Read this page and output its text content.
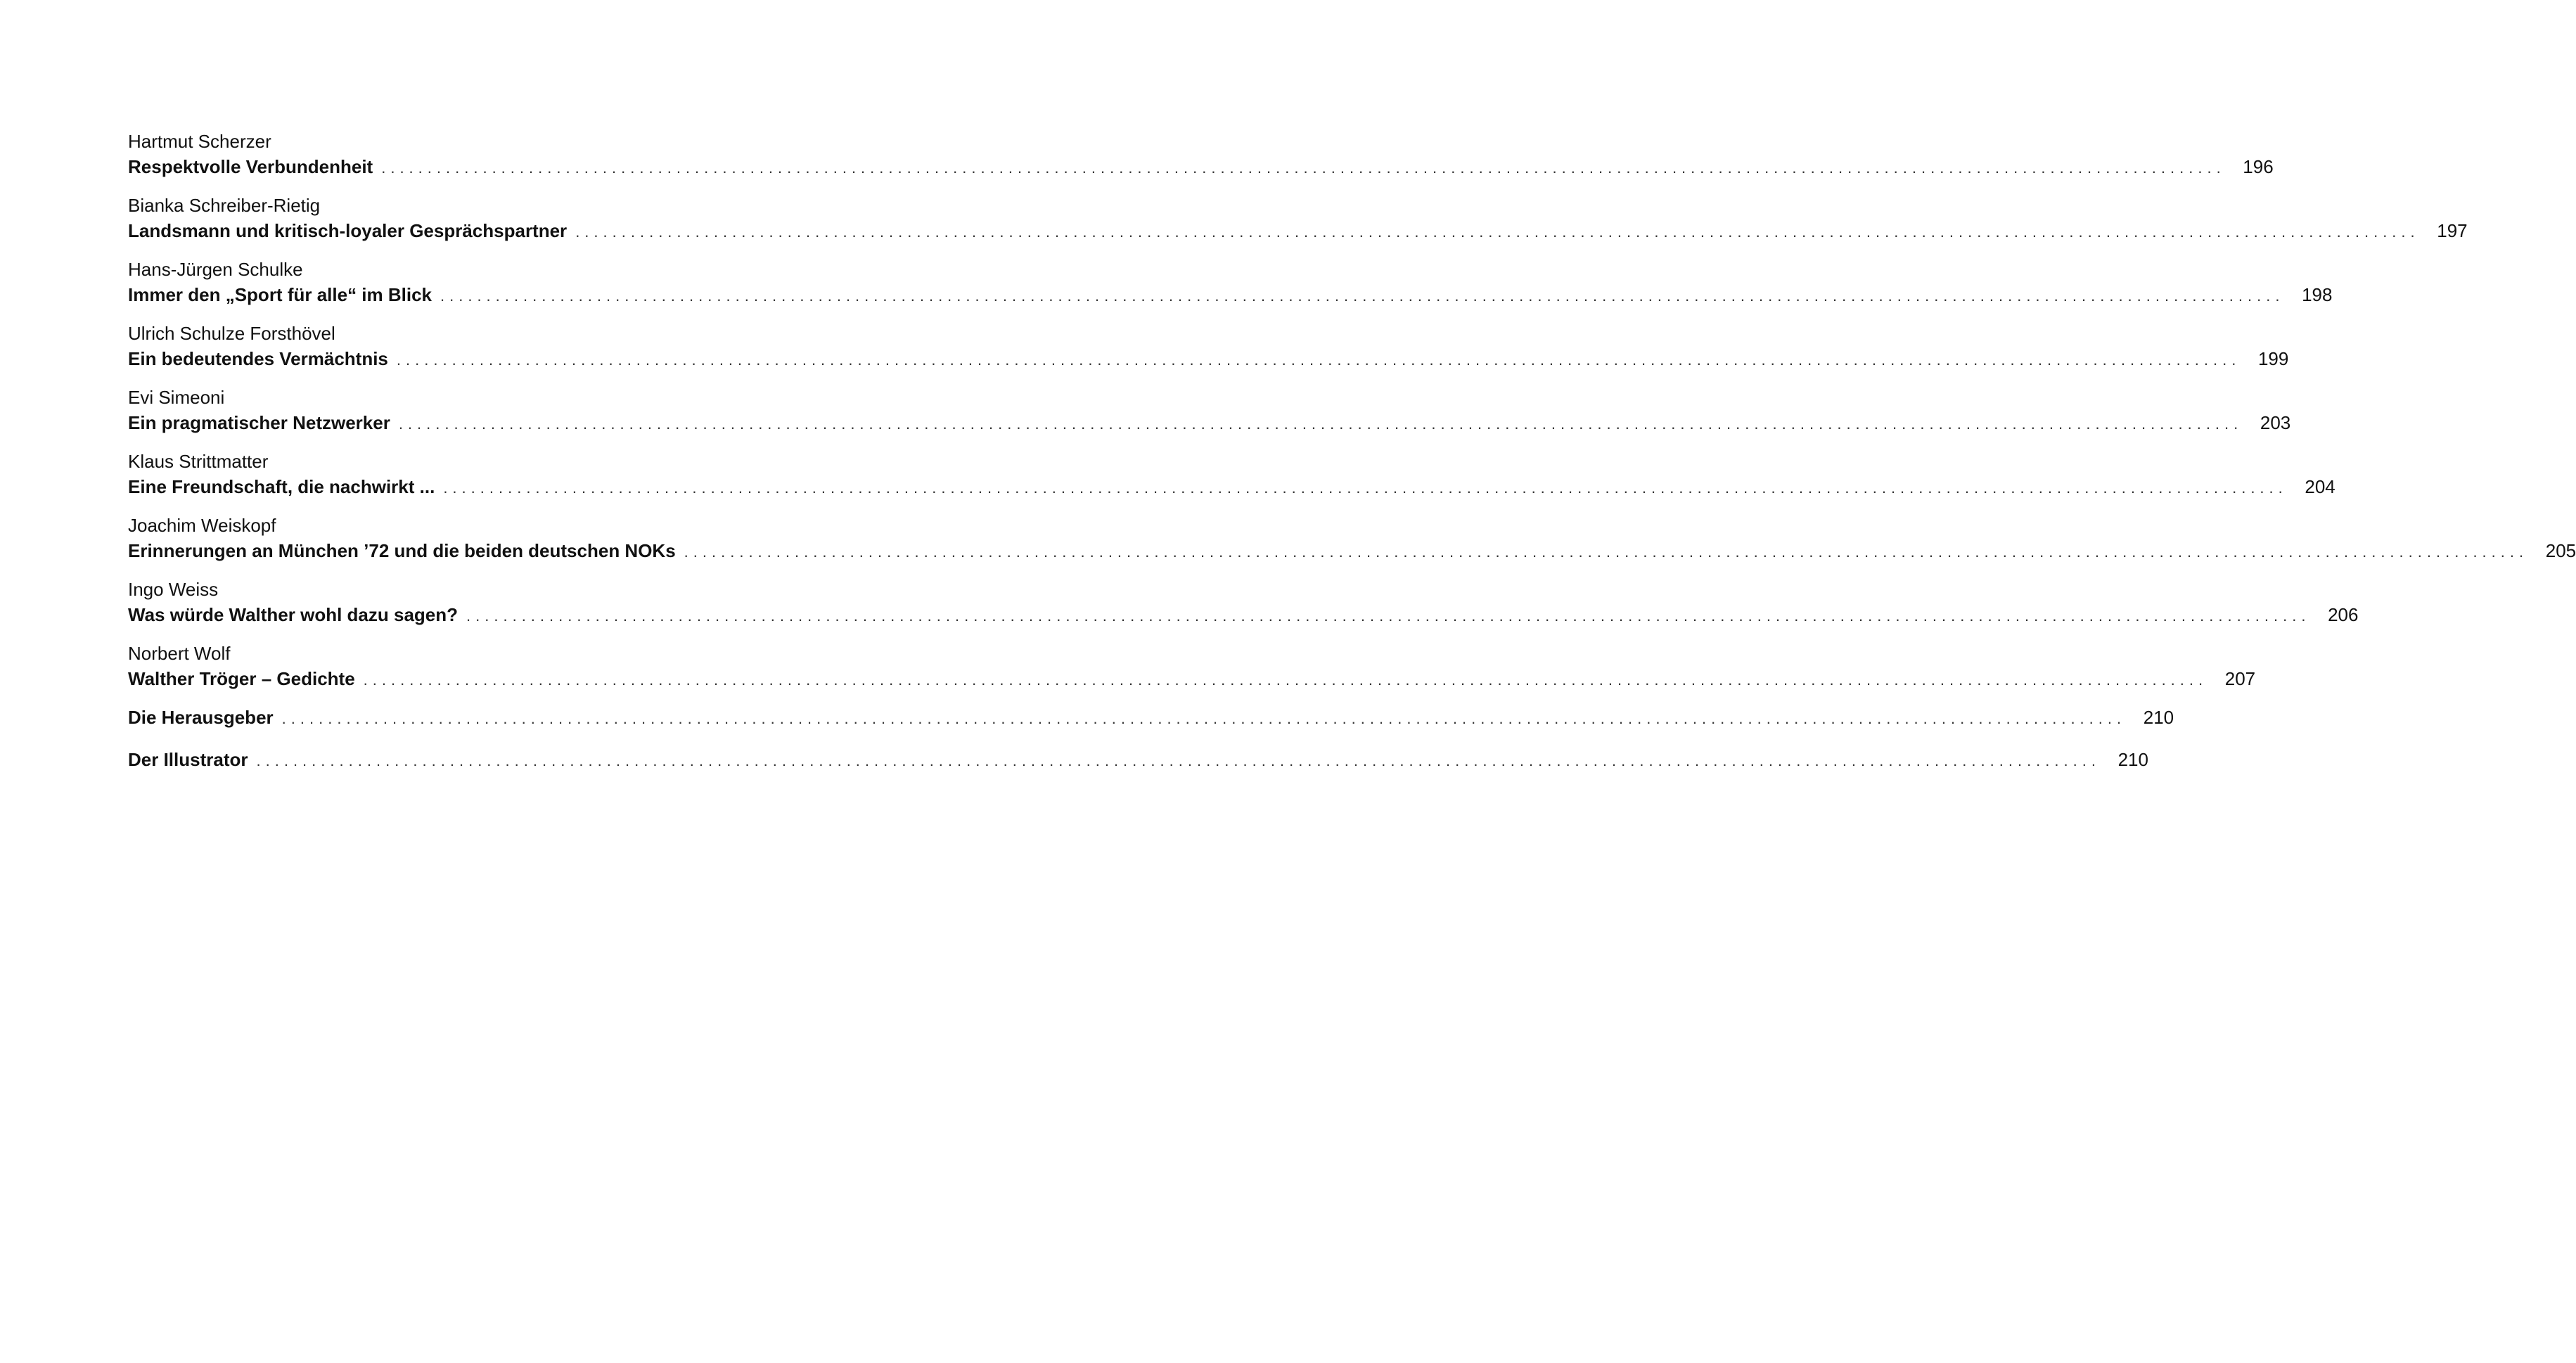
Hartmut Scherzer
Respektvolle Verbundenheit ........................................................................................................................................................................................................ 196
Bianka Schreiber-Rietig
Landsmann und kritisch-loyaler Gesprächspartner ........................................................................................................................................................................................................ 197
Hans-Jürgen Schulke
Immer den „Sport für alle“ im Blick ........................................................................................................................................................................................................ 198
Ulrich Schulze Forsthövel
Ein bedeutendes Vermächtnis ........................................................................................................................................................................................................ 199
Evi Simeoni
Ein pragmatischer Netzwerker ........................................................................................................................................................................................................ 203
Klaus Strittmatter
Eine Freundschaft, die nachwirkt ... ........................................................................................................................................................................................................ 204
Joachim Weiskopf
Erinnerungen an München ’72 und die beiden deutschen NOKs ........................................................................................................................................................................................................ 205
Ingo Weiss
Was würde Walther wohl dazu sagen? ........................................................................................................................................................................................................ 206
Norbert Wolf
Walther Tröger – Gedichte ........................................................................................................................................................................................................ 207
Die Herausgeber ........................................................................................................................................................................................................ 210
Der Illustrator ........................................................................................................................................................................................................ 210
